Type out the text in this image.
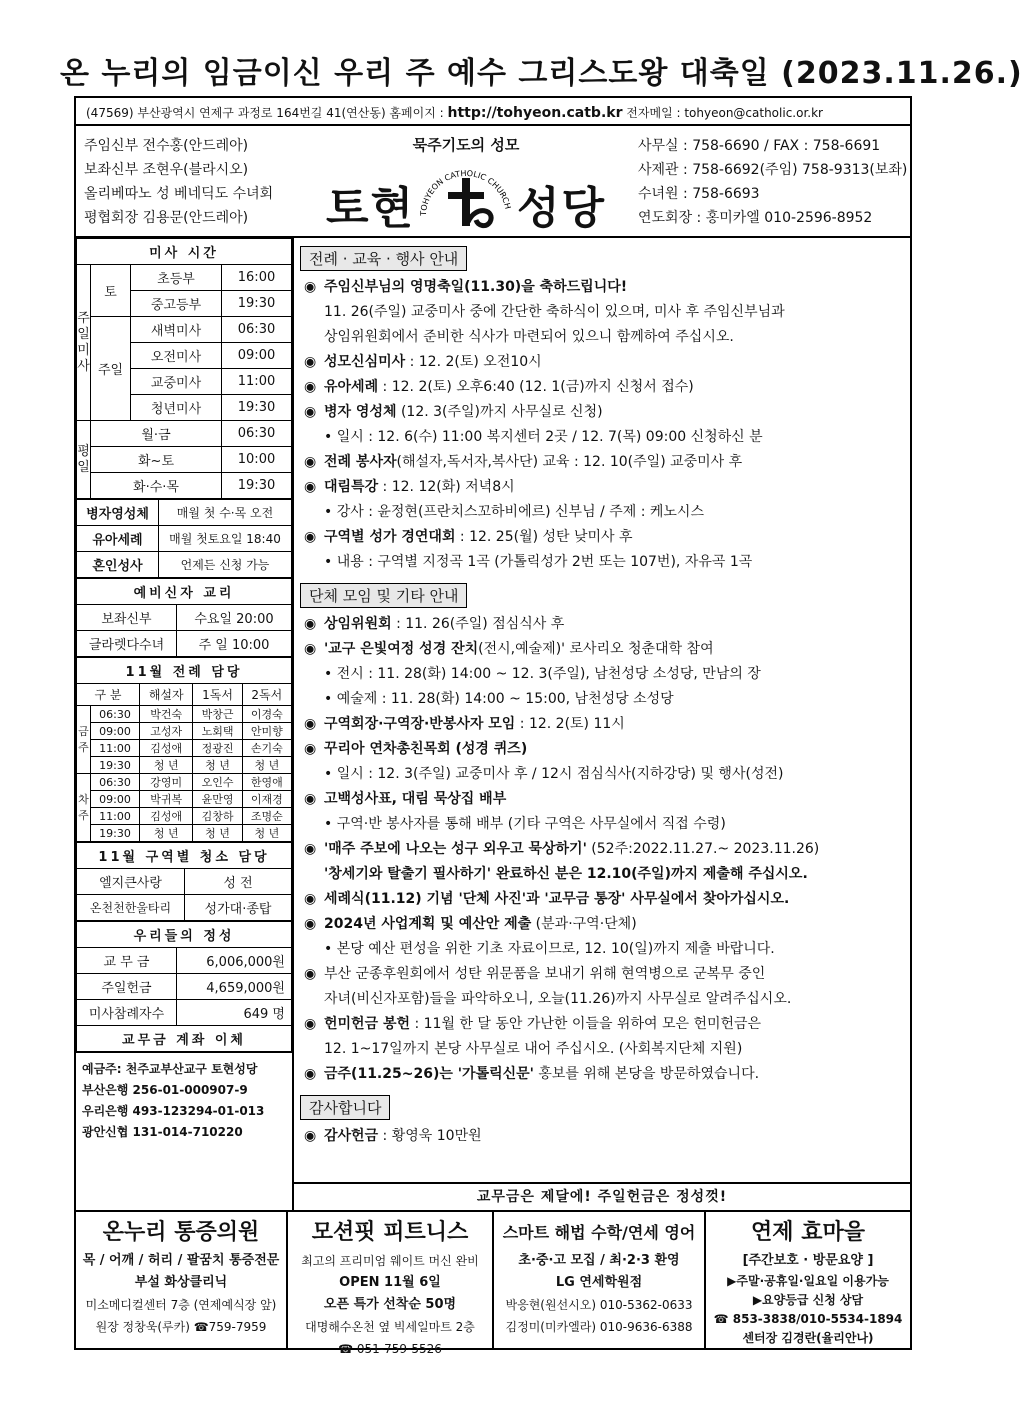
온 누리의 임금이신 우리 주 예수 그리스도왕 대축일 (2023.11.26.)
(47569) 부산광역시 연제구 과정로 164번길 41(연산동) 홈페이지 : http://tohyeon.catb.kr 전자메일 : tohyeon@catholic.or.kr
주임신부 전수홍(안드레아)
보좌신부 조현우(블라시오)
올리베따노 성 베네딕도 수녀회
평협회장 김용문(안드레아)
묵주기도의 성모
토현 TOHYEON CATHOLIC CHURCH 성당
사무실 : 758-6690 / FAX : 758-6691
사제관 : 758-6692(주임) 758-9313(보좌)
수녀원 : 758-6693
연도회장 : 홍미카엘 010-2596-8952
미사 시간			
주일미사	토	초등부	16:00
		중고등부	19:30
	주일	새벽미사	06:30
		오전미사	09:00
		교중미사	11:00
		청년미사	19:30
평일	월·금		06:30
	화~토		10:00
	화·수·목		19:30
병자영성체	매월 첫 수·목 오전
유아세례	매월 첫토요일 18:40
혼인성사	언제든 신청 가능
예비신자 교리	
보좌신부	수요일 20:00
글라렛다수녀	주 일 10:00
11월 전례 담당				
구 분		해설자	1독서	2독서
금주	06:30	박건숙	박창근	이경숙
	09:00	고성자	노회택	안미향
	11:00	김성애	정광진	손기숙
	19:30	청 년	청 년	청 년
차주	06:30	강영미	오인수	한영애
	09:00	박귀복	윤만영	이재경
	11:00	김성애	김창하	조명순
	19:30	청 년	청 년	청 년
11월 구역별 청소 담당	
엘지큰사랑	성 전
온천천한울타리	성가대·종탑
우리들의 정성	
교 무 금	6,006,000원
주일헌금	4,659,000원
미사참례자수	649 명
교무금 계좌 이체	
예금주: 천주교부산교구 토현성당
부산은행 256-01-000907-9
우리은행 493-123294-01-013
광안신협 131-014-710220
전례 · 교육 · 행사 안내
◉ 주임신부님의 영명축일(11.30)을 축하드립니다!
11. 26(주일) 교중미사 중에 간단한 축하식이 있으며, 미사 후 주임신부님과
상임위원회에서 준비한 식사가 마련되어 있으니 함께하여 주십시오.
◉ 성모신심미사 : 12. 2(토) 오전10시
◉ 유아세례 : 12. 2(토) 오후6:40 (12. 1(금)까지 신청서 접수)
◉ 병자 영성체 (12. 3(주일)까지 사무실로 신청)
• 일시 : 12. 6(수) 11:00 복지센터 2곳 / 12. 7(목) 09:00 신청하신 분
◉ 전례 봉사자(해설자,독서자,복사단) 교육 : 12. 10(주일) 교중미사 후
◉ 대림특강 : 12. 12(화) 저녁8시
• 강사 : 윤정현(프란치스꼬하비에르) 신부님 / 주제 : 케노시스
◉ 구역별 성가 경연대회 : 12. 25(월) 성탄 낮미사 후
• 내용 : 구역별 지정곡 1곡 (가톨릭성가 2번 또는 107번), 자유곡 1곡
단체 모임 및 기타 안내
◉ 상임위원회 : 11. 26(주일) 점심식사 후
◉ '교구 은빛여정 성경 잔치(전시,예술제)' 로사리오 청춘대학 참여
• 전시 : 11. 28(화) 14:00 ~ 12. 3(주일), 남천성당 소성당, 만남의 장
• 예술제 : 11. 28(화) 14:00 ~ 15:00, 남천성당 소성당
◉ 구역회장·구역장·반봉사자 모임 : 12. 2(토) 11시
◉ 꾸리아 연차총친목회 (성경 퀴즈)
• 일시 : 12. 3(주일) 교중미사 후 / 12시 점심식사(지하강당) 및 행사(성전)
◉ 고백성사표, 대림 묵상집 배부
• 구역·반 봉사자를 통해 배부 (기타 구역은 사무실에서 직접 수령)
◉ '매주 주보에 나오는 성구 외우고 묵상하기' (52주:2022.11.27.~ 2023.11.26)
'창세기와 탈출기 필사하기' 완료하신 분은 12.10(주일)까지 제출해 주십시오.
◉ 세례식(11.12) 기념 '단체 사진'과 '교무금 통장' 사무실에서 찾아가십시오.
◉ 2024년 사업계획 및 예산안 제출 (분과·구역·단체)
• 본당 예산 편성을 위한 기초 자료이므로, 12. 10(일)까지 제출 바랍니다.
◉ 부산 군종후원회에서 성탄 위문품을 보내기 위해 현역병으로 군복무 중인
자녀(비신자포함)들을 파악하오니, 오늘(11.26)까지 사무실로 알려주십시오.
◉ 헌미헌금 봉헌 : 11월 한 달 동안 가난한 이들을 위하여 모은 헌미헌금은
12. 1~17일까지 본당 사무실로 내어 주십시오. (사회복지단체 지원)
◉ 금주(11.25~26)는 '가톨릭신문' 홍보를 위해 본당을 방문하였습니다.
감사합니다
◉ 감사헌금 : 황영욱 10만원
교무금은 제달에! 주일헌금은 정성껏!
온누리 통증의원
목 / 어깨 / 허리 / 팔꿈치 통증전문
부설 화상클리닉
미소메디컬센터 7층 (연제예식장 앞)
원장 정창욱(루카) ☎759-7959
모션핏 피트니스
최고의 프리미엄 웨이트 머신 완비
OPEN 11월 6일
오픈 특가 선착순 50명
대명해수온천 옆 빅세일마트 2층
☎ 051-759-5526
스마트 해법 수학/연세 영어
초·중·고 모집 / 최·2·3 환영
LG 연세학원점
박응현(원선시오) 010-5362-0633
김정미(미카엘라) 010-9636-6388
연제 효마을
[주간보호 · 방문요양 ]
▶주말·공휴일·일요일 이용가능
▶요양등급 신청 상담
☎ 853-3838/010-5534-1894
센터장 김경란(율리안나)
